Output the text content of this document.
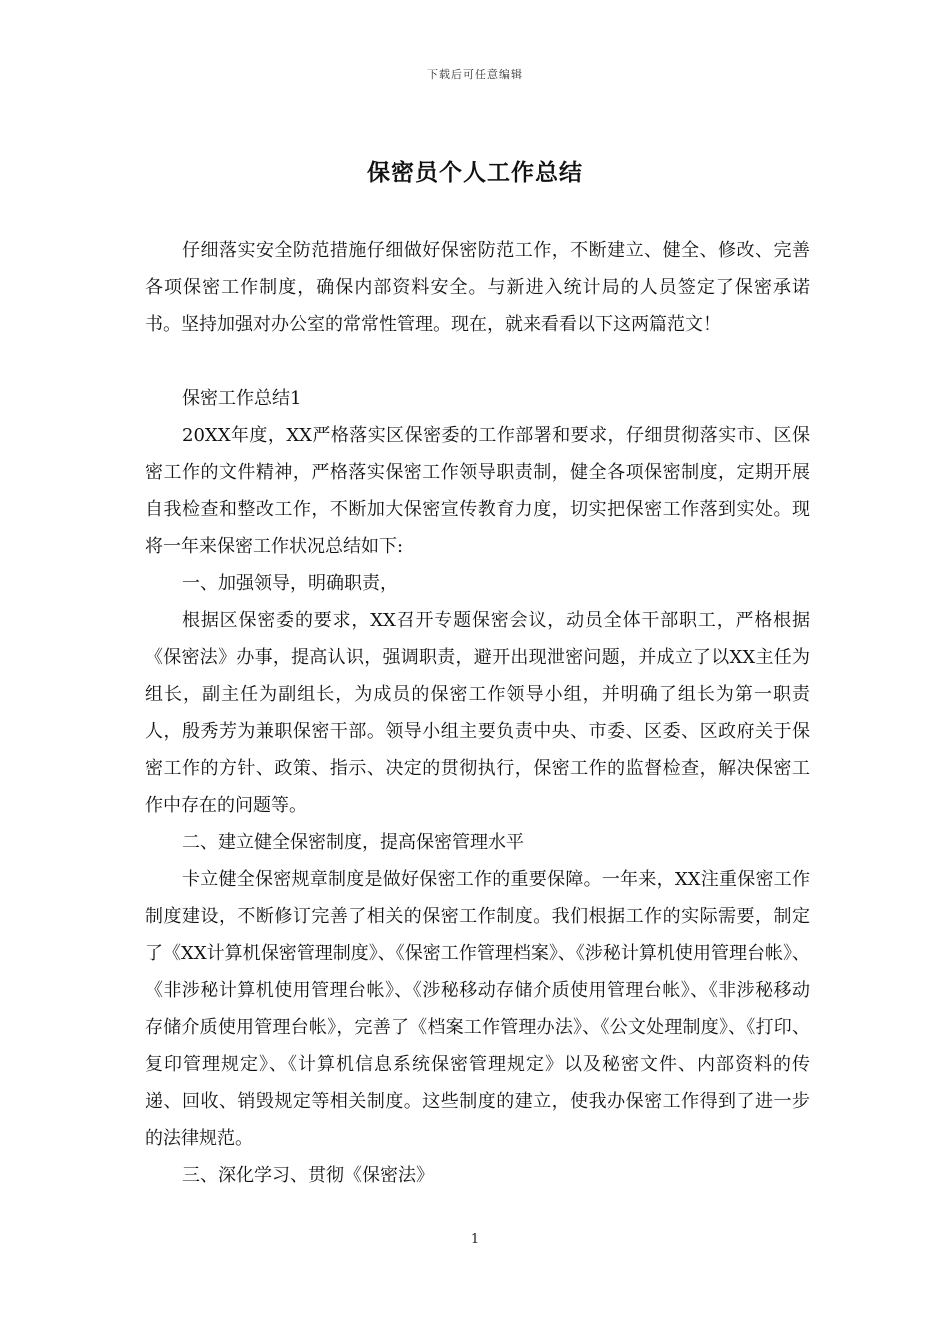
下载后可任意编辑
保密员个人工作总结

仔细落实安全防范措施仔细做好保密防范工作，不断建立、健全、修改、完善各项保密工作制度，确保内部资料安全。与新进入统计局的人员签定了保密承诺书。坚持加强对办公室的常常性管理。现在，就来看看以下这两篇范文！

保密工作总结1

20XX年度，XX严格落实区保密委的工作部署和要求，仔细贯彻落实市、区保密工作的文件精神，严格落实保密工作领导职责制，健全各项保密制度，定期开展自我检查和整改工作，不断加大保密宣传教育力度，切实把保密工作落到实处。现将一年来保密工作状况总结如下:

一、加强领导，明确职责，

根据区保密委的要求，XX召开专题保密会议，动员全体干部职工，严格根据《保密法》办事，提高认识，强调职责，避开出现泄密问题，并成立了以XX主任为组长，副主任为副组长，为成员的保密工作领导小组，并明确了组长为第一职责人，殷秀芳为兼职保密干部。领导小组主要负责中央、市委、区委、区政府关于保密工作的方针、政策、指示、决定的贯彻执行，保密工作的监督检查，解决保密工作中存在的问题等。

二、建立健全保密制度，提高保密管理水平

卡立健全保密规章制度是做好保密工作的重要保障。一年来，XX注重保密工作制度建设，不断修订完善了相关的保密工作制度。我们根据工作的实际需要，制定了《XX计算机保密管理制度》、《保密工作管理档案》、《涉秘计算机使用管理台帐》、《非涉秘计算机使用管理台帐》、《涉秘移动存储介质使用管理台帐》、《非涉秘移动存储介质使用管理台帐》，完善了《档案工作管理办法》、《公文处理制度》、《打印、复印管理规定》、《计算机信息系统保密管理规定》以及秘密文件、内部资料的传递、回收、销毁规定等相关制度。这些制度的建立，使我办保密工作得到了进一步的法律规范。

三、深化学习、贯彻《保密法》

1
